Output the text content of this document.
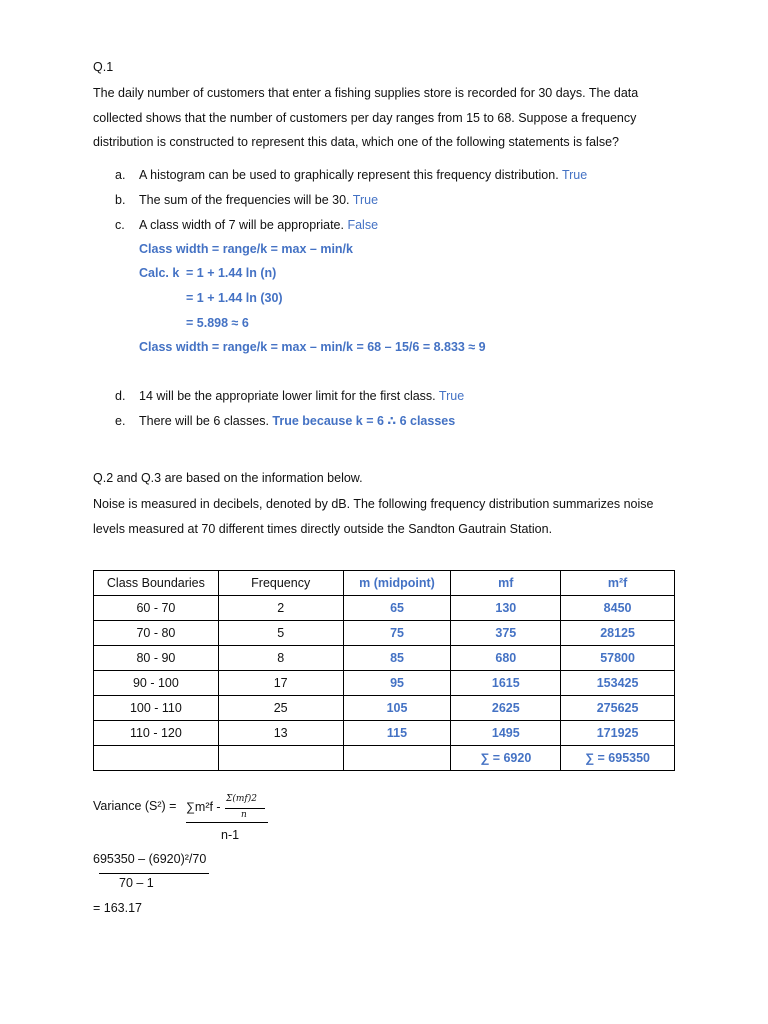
Q.1
The daily number of customers that enter a fishing supplies store is recorded for 30 days. The data collected shows that the number of customers per day ranges from 15 to 68. Suppose a frequency distribution is constructed to represent this data, which one of the following statements is false?
a.	A histogram can be used to graphically represent this frequency distribution. True
b.	The sum of the frequencies will be 30. True
c.	A class width of 7 will be appropriate. False
Class width = range/k = max – min/k
Calc. k = 1 + 1.44 ln (n)
= 1 + 1.44 ln (30)
= 5.898 ≈ 6
Class width = range/k = max – min/k = 68 – 15/6 = 8.833 ≈ 9
d.	14 will be the appropriate lower limit for the first class. True
e.	There will be 6 classes. True because k = 6 ∴ 6 classes
Q.2 and Q.3 are based on the information below.
Noise is measured in decibels, denoted by dB. The following frequency distribution summarizes noise levels measured at 70 different times directly outside the Sandton Gautrain Station.
Class Boundaries	Frequency	m (midpoint)	mf	m²f
60 - 70	2	65	130	8450
70 - 80	5	75	375	28125
80 - 90	8	85	680	57800
90 - 100	17	95	1615	153425
100 - 110	25	105	2625	275625
110 - 120	13	115	1495	171925
			∑ = 6920	∑ = 695350
Variance (S²) = ∑m²f -
Σ(mf)2
n
n-1
695350 – (6920)²/70
70 – 1
= 163.17
